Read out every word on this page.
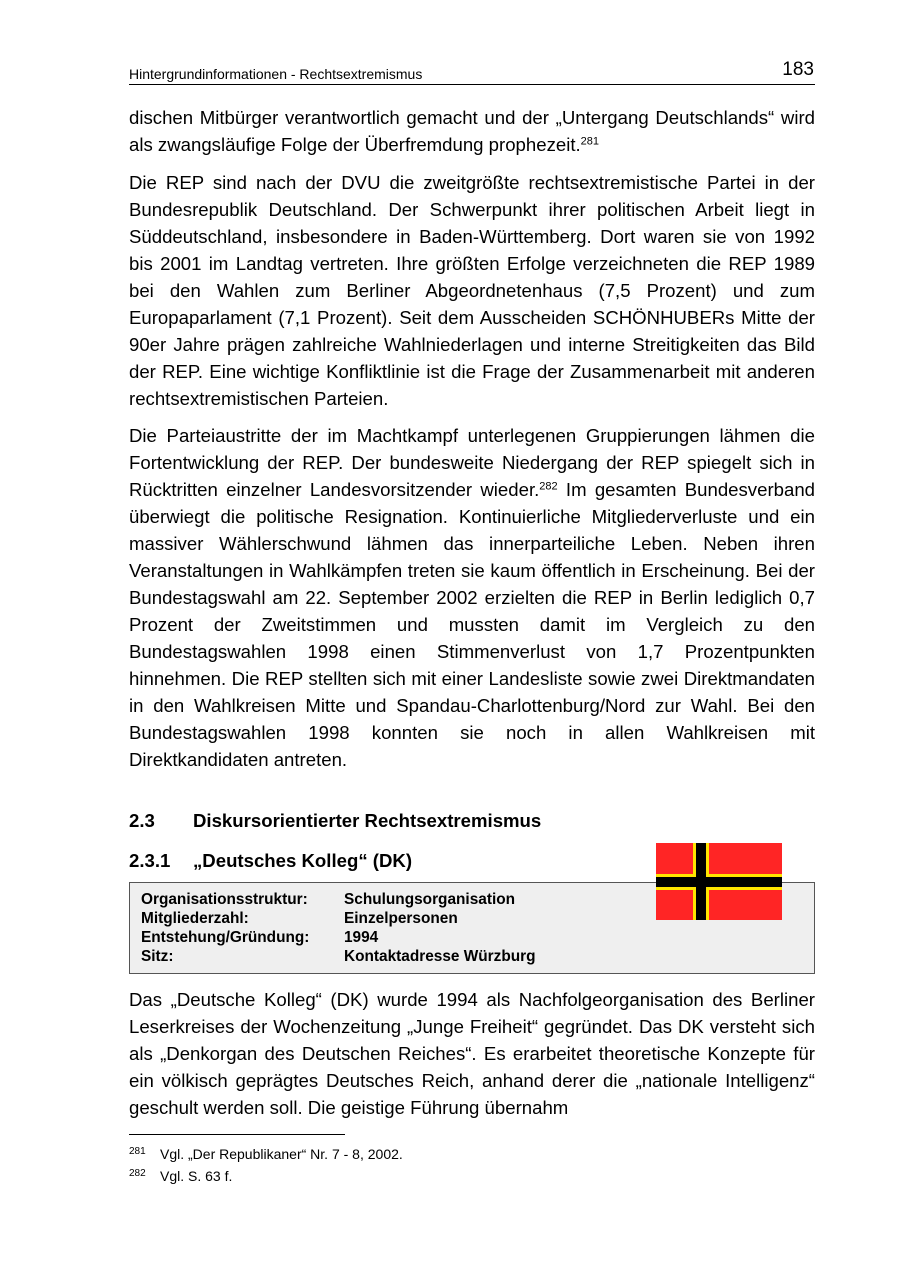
Hintergrundinformationen - Rechtsextremismus	183

dischen Mitbürger verantwortlich gemacht und der „Untergang Deutschlands“ wird als zwangsläufige Folge der Überfremdung prophezeit.$^{281}$

Die REP sind nach der DVU die zweitgrößte rechtsextremistische Partei in der Bundesrepublik Deutschland. Der Schwerpunkt ihrer politischen Arbeit liegt in Süddeutschland, insbesondere in Baden-Württemberg. Dort waren sie von 1992 bis 2001 im Landtag vertreten. Ihre größten Erfolge verzeichneten die REP 1989 bei den Wahlen zum Berliner Abgeordnetenhaus (7,5 Prozent) und zum Europaparlament (7,1 Prozent). Seit dem Ausscheiden SCHÖNHUBERs Mitte der 90er Jahre prägen zahlreiche Wahlniederlagen und interne Streitigkeiten das Bild der REP. Eine wichtige Konfliktlinie ist die Frage der Zusammenarbeit mit anderen rechtsextremistischen Parteien.

Die Parteiaustritte der im Machtkampf unterlegenen Gruppierungen lähmen die Fortentwicklung der REP. Der bundesweite Niedergang der REP spiegelt sich in Rücktritten einzelner Landesvorsitzender wieder.$^{282}$ Im gesamten Bundesverband überwiegt die politische Resignation. Kontinuierliche Mitgliederverluste und ein massiver Wählerschwund lähmen das innerparteiliche Leben. Neben ihren Veranstaltungen in Wahlkämpfen treten sie kaum öffentlich in Erscheinung. Bei der Bundestagswahl am 22. September 2002 erzielten die REP in Berlin lediglich 0,7 Prozent der Zweitstimmen und mussten damit im Vergleich zu den Bundestagswahlen 1998 einen Stimmenverlust von 1,7 Prozentpunkten hinnehmen. Die REP stellten sich mit einer Landesliste sowie zwei Direktmandaten in den Wahlkreisen Mitte und Spandau-Charlottenburg/Nord zur Wahl. Bei den Bundestagswahlen 1998 konnten sie noch in allen Wahlkreisen mit Direktkandidaten antreten.

2.3 Diskursorientierter Rechtsextremismus
2.3.1 „Deutsches Kolleg“ (DK)
Organisationsstruktur: Schulungsorganisation
Mitgliederzahl:	Einzelpersonen
Entstehung/Gründung: 1994
Sitz:	Kontaktadresse Würzburg

Das „Deutsche Kolleg“ (DK) wurde 1994 als Nachfolgeorganisation des Berliner Leserkreises der Wochenzeitung „Junge Freiheit“ gegründet. Das DK versteht sich als „Denkorgan des Deutschen Reiches“. Es erarbeitet theoretische Konzepte für ein völkisch geprägtes Deutsches Reich, anhand derer die „nationale Intelligenz“ geschult werden soll. Die geistige Führung übernahm

281 Vgl. „Der Republikaner“ Nr. 7 - 8, 2002.
282 Vgl. S. 63 f.
